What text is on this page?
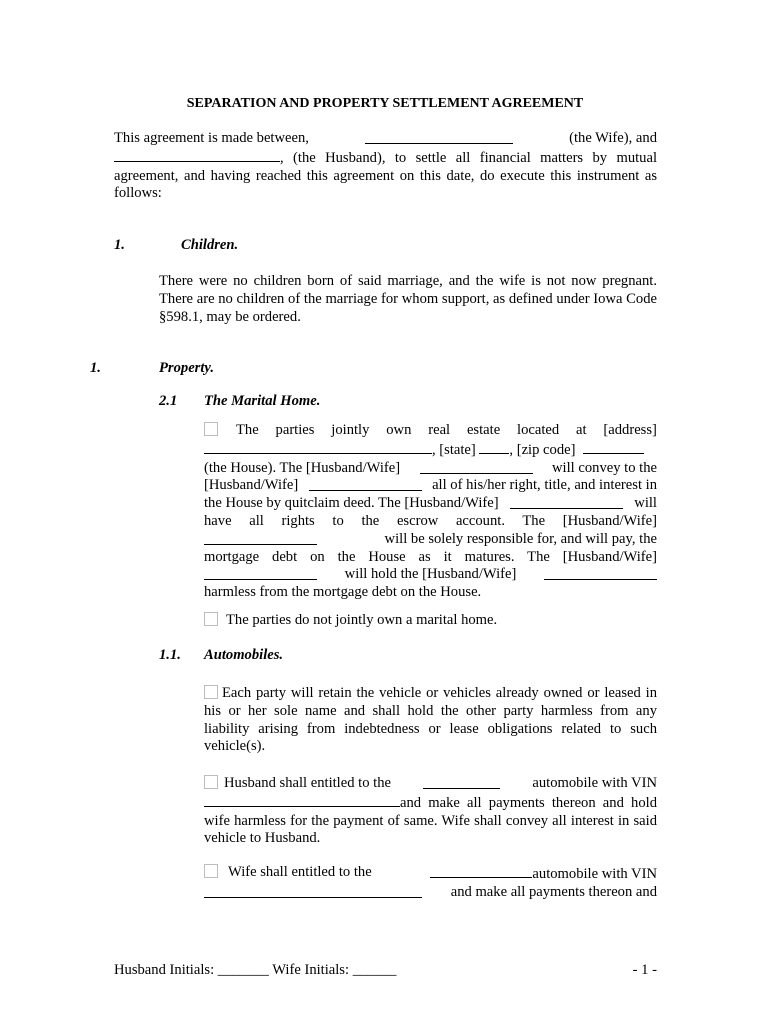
SEPARATION AND PROPERTY SETTLEMENT AGREEMENT
This agreement is made between,	(the Wife), and
, (the Husband), to settle all financial matters by mutual agreement, and having reached this agreement on this date, do execute this instrument as follows:
1.	Children.
There were no children born of said marriage, and the wife is not now pregnant. There are no children of the marriage for whom support, as defined under Iowa Code §598.1, may be ordered.
1.	Property.
2.1 The Marital Home.
The parties jointly own real estate located at [address]
, [state] , [zip code]
(the House). The [Husband/Wife]	will convey to the
[Husband/Wife]	all of his/her right, title, and interest in
the House by quitclaim deed. The [Husband/Wife]	will
have all rights to the escrow account. The [Husband/Wife]
will be solely responsible for, and will pay, the
mortgage debt on the House as it matures. The [Husband/Wife]
will hold the [Husband/Wife]
harmless from the mortgage debt on the House.
The parties do not jointly own a marital home.
1.1. Automobiles.
Each party will retain the vehicle or vehicles already owned or leased in his or her sole name and shall hold the other party harmless from any liability arising from indebtedness or lease obligations related to such vehicle(s).
Husband shall entitled to the	automobile with VIN
and make all payments thereon and hold wife harmless for the payment of same. Wife shall convey all interest in said vehicle to Husband.
Wife shall entitled to the	automobile with VIN
and make all payments thereon and
Husband Initials: _______ Wife Initials: ______	- 1 -
